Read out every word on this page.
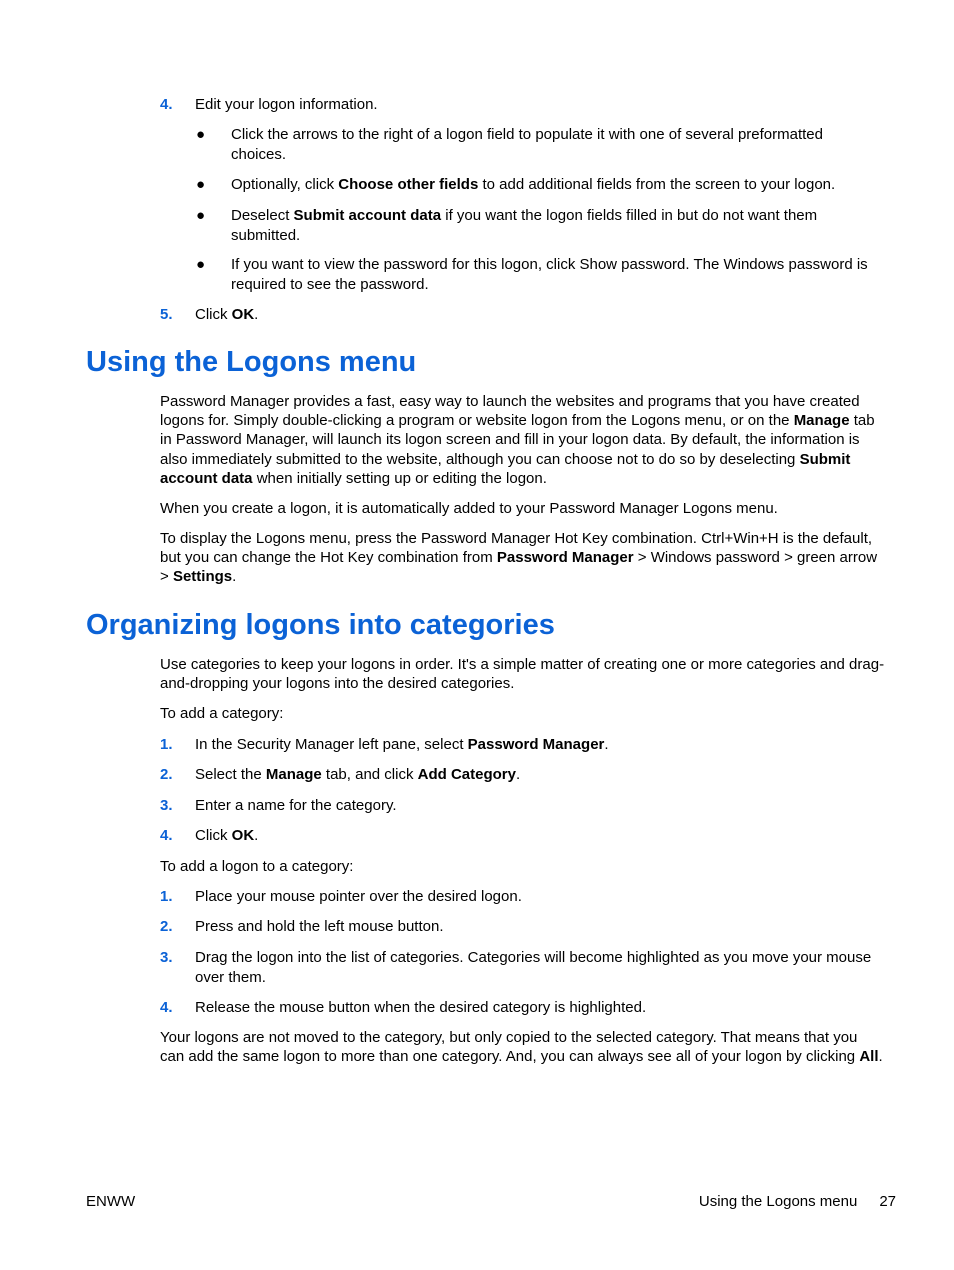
4. Edit your logon information.
● Click the arrows to the right of a logon field to populate it with one of several preformatted choices.
● Optionally, click Choose other fields to add additional fields from the screen to your logon.
● Deselect Submit account data if you want the logon fields filled in but do not want them submitted.
● If you want to view the password for this logon, click Show password. The Windows password is required to see the password.
5. Click OK.
Using the Logons menu
Password Manager provides a fast, easy way to launch the websites and programs that you have created logons for. Simply double-clicking a program or website logon from the Logons menu, or on the Manage tab in Password Manager, will launch its logon screen and fill in your logon data. By default, the information is also immediately submitted to the website, although you can choose not to do so by deselecting Submit account data when initially setting up or editing the logon.
When you create a logon, it is automatically added to your Password Manager Logons menu.
To display the Logons menu, press the Password Manager Hot Key combination. Ctrl+Win+H is the default, but you can change the Hot Key combination from Password Manager > Windows password > green arrow > Settings.
Organizing logons into categories
Use categories to keep your logons in order. It's a simple matter of creating one or more categories and drag-and-dropping your logons into the desired categories.
To add a category:
1. In the Security Manager left pane, select Password Manager.
2. Select the Manage tab, and click Add Category.
3. Enter a name for the category.
4. Click OK.
To add a logon to a category:
1. Place your mouse pointer over the desired logon.
2. Press and hold the left mouse button.
3. Drag the logon into the list of categories. Categories will become highlighted as you move your mouse over them.
4. Release the mouse button when the desired category is highlighted.
Your logons are not moved to the category, but only copied to the selected category. That means that you can add the same logon to more than one category. And, you can always see all of your logon by clicking All.
ENWW	Using the Logons menu 27
